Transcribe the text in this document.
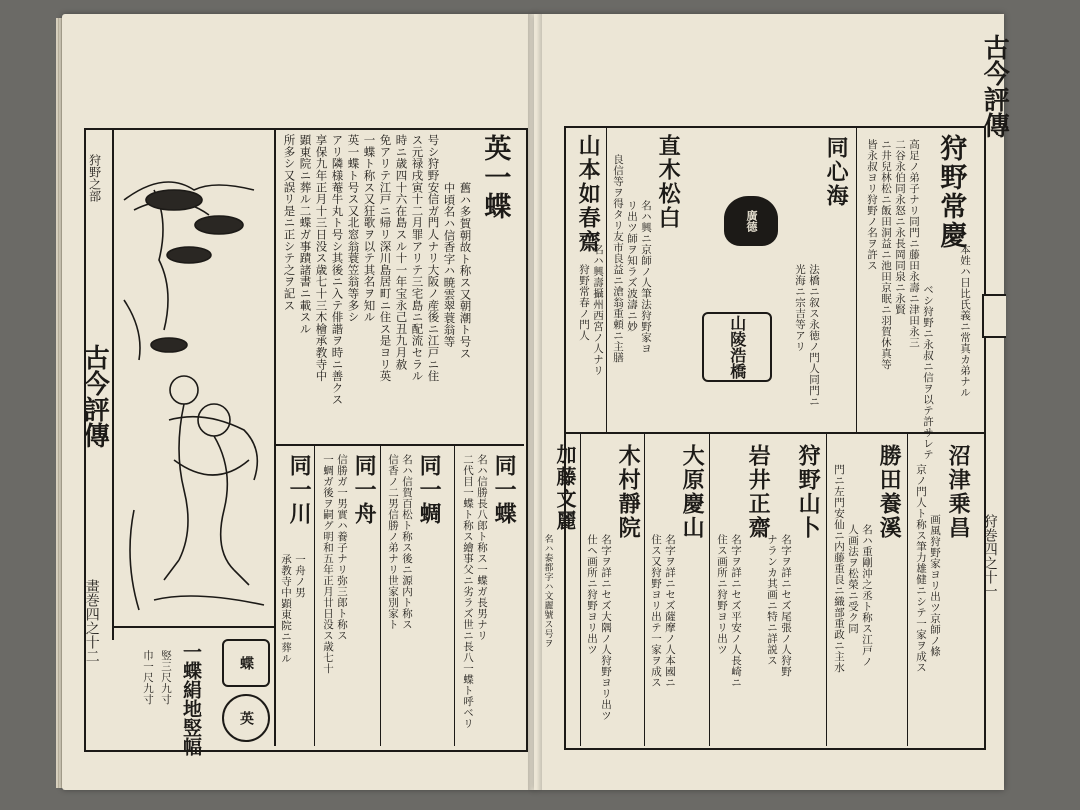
古今評傳
狩野之部
畫巻四之十二
一蝶絹地竪幅
竪三尺九寸
巾一尺九寸	蝶
英
英一蝶
舊ハ多賀朝故ト称ス又朝潮ト号ス
中頃名ハ信香字ハ暁雲翠蓑翁等
号シ狩野安信ガ門人ナリ大阪ノ産後ニ江戸ニ住
ス元禄戌寅十二月罪アリテ三宅島ニ配流セラル
時ニ歳四十六在島スル十一年宝永己丑九月赦
免アリテ江戸ニ帰リ深川島居町ニ住ス是ヨリ英
一蝶ト称ス又狂歌ヲ以テ其名ヲ知ル
英一蝶ト号ス又北窓翁蓑笠翁等多シ
アリ隣様菴牛丸ト号シ其後ニ入テ俳諧ヲ時ニ善クス
享保九年正月十三日没ス歳七十三木檜承教寺中
顕東院ニ葬ル二蝶ガ事蹟諸書ニ載スル
所多シ又誤リ是ニ正シテ之ヲ記ス
同一蝶
名ハ信勝長八郎ト称ス一蝶ガ長男ナリ
二代目一蝶ト称ス繪事父ニ劣ラズ世ニ長八一蝶ト呼ベリ
同一蜩
名ハ信賀百松ト称ス後ニ源内ト称ス
信香ノ二男信勝ノ弟ナリ世家別家ト
同一舟
信勝ガ一男實ハ養子ナリ弥三郎ト称ス
一蜩ガ後ヲ嗣グ明和五年正月廿日没ス歳七十
同一川
一舟ノ男
承教寺中顕東院ニ葬ル
古今評傳
狩巻四之十一
狩野常慶
本姓ハ日比氏義ニ常真カ弟ナル
ベシ狩野ニ永叔ニ信ヲ以テ許サレテ
高足ノ弟子ナリ同門ニ藤田永壽ニ津田永三
二谷永伯同永怒ニ永長岡同泉ニ永賢
ニ井兒林松ニ飯田洞益ニ池田京眠ニ羽賀休真等
皆永叔ヨリ狩野ノ名ヲ許ス
同心海
法橋ニ叙ス永徳ノ門人同門ニ
光海ニ宗吉等アリ
山陵浩橋
廣德
直木松白
名ハ興ニ京師ノ人筆法狩野家ヨ
リ出ツ師ヲ知ラズ波濤ニ妙
良信等ヲ得タリ友市良益ニ滄翁重頼ニ主膳
山本如春齋
名ハ興壽攝州西宮ノ人ナリ
狩野常春ノ門人
沼津乗昌
画風狩野家ヨリ出ツ京師ノ條
京ノ門人ト称ス筆力雄健ニシテ一家ヲ成ス
勝田養溪
名ハ重剛沖之丞ト称ス江戸ノ
人画法ヲ松榮ニ受ク同
門ニ左門安仙ニ内藤重良ニ織部重政ニ主水
狩野山卜
名字ヲ詳ニセズ尾張ノ人狩野
ナランカ其画ニ特ニ詳説ス
岩井正齋
名字ヲ詳ニセズ平安ノ人長崎ニ
住ス画所ニ狩野ヨリ出ツ
大原慶山
名字ヲ詳ニセズ薩摩ノ人本國ニ
住ス又狩野ヨリ出テ一家ヲ成ス
木村靜院
名字ヲ詳ニセズ大隅ノ人狩野ヨリ出ツ
仕ヘ画所ニ狩野ヨリ出ツ
加藤文麗
名ハ泰都字ハ文麗號ス号ヲ
